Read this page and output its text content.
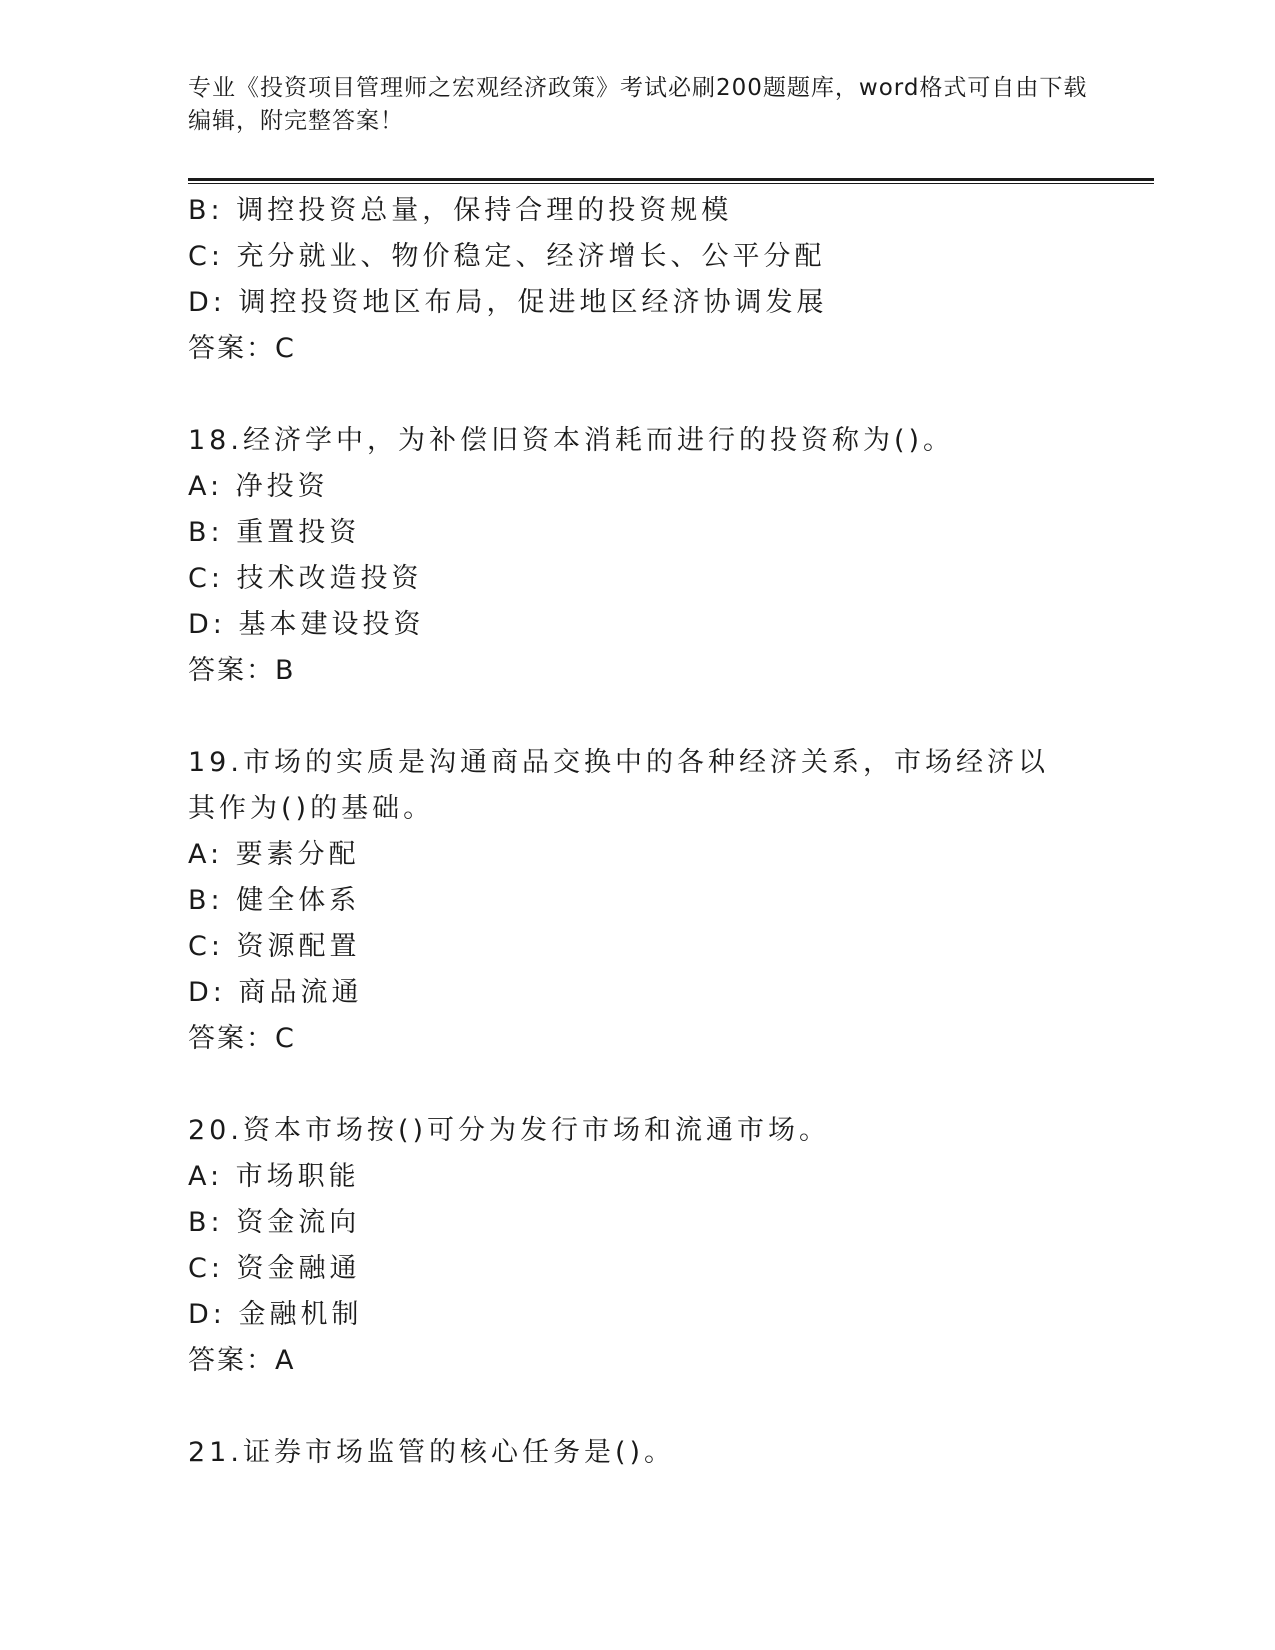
专业《投资项目管理师之宏观经济政策》考试必刷200题题库，word格式可自由下载编辑，附完整答案！
B: 调控投资总量，保持合理的投资规模
C: 充分就业、物价稳定、经济增长、公平分配
D: 调控投资地区布局，促进地区经济协调发展
答案：C
18.经济学中，为补偿旧资本消耗而进行的投资称为()。
A: 净投资
B: 重置投资
C: 技术改造投资
D: 基本建设投资
答案：B
19.市场的实质是沟通商品交换中的各种经济关系，市场经济以其作为()的基础。
A: 要素分配
B: 健全体系
C: 资源配置
D: 商品流通
答案：C
20.资本市场按()可分为发行市场和流通市场。
A: 市场职能
B: 资金流向
C: 资金融通
D: 金融机制
答案：A
21.证券市场监管的核心任务是()。
